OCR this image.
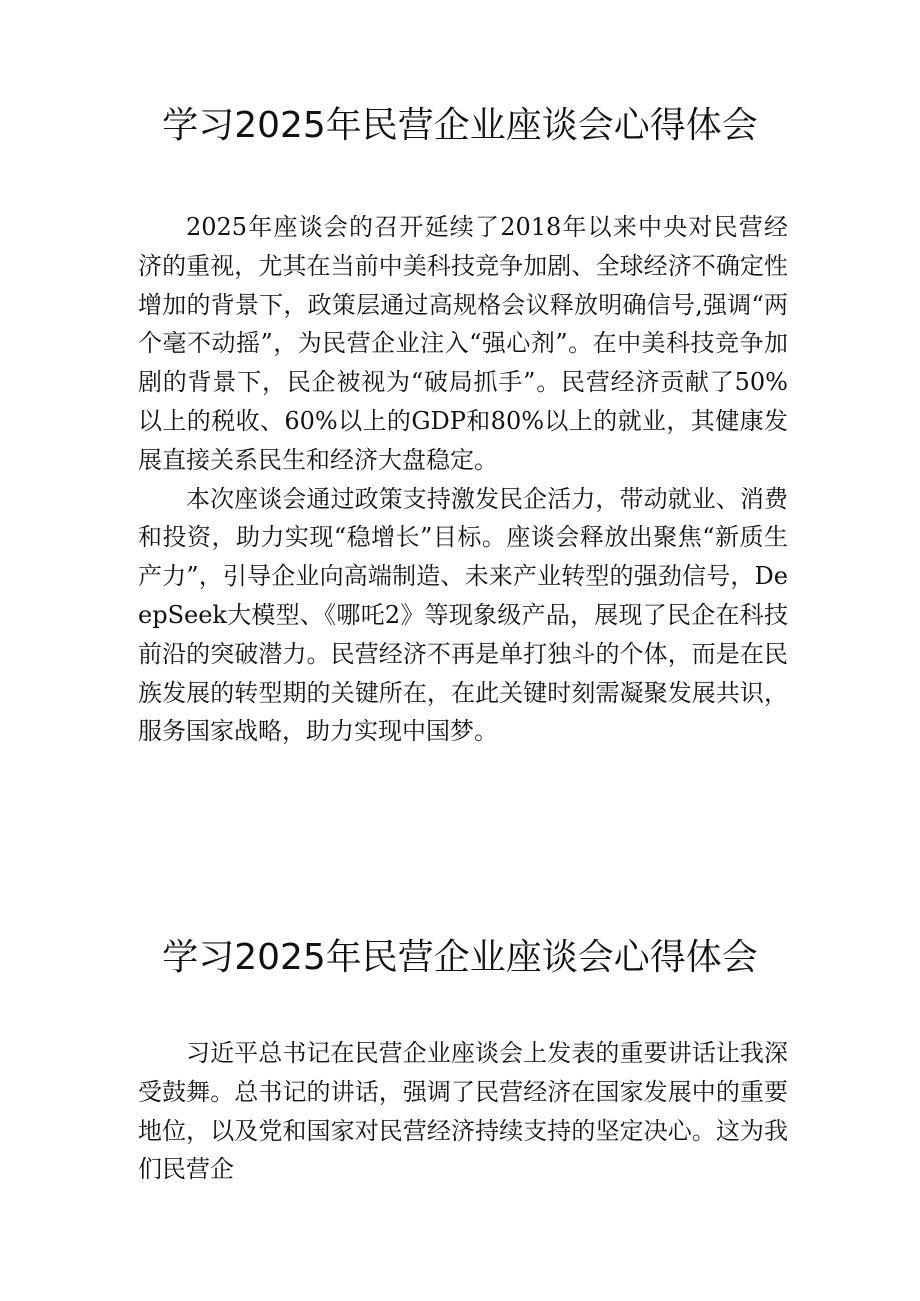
学习2025年民营企业座谈会心得体会

2025年座谈会的召开延续了2018年以来中央对民营经济的重视，尤其在当前中美科技竞争加剧、全球经济不确定性增加的背景下，政策层通过高规格会议释放明确信号,强调“两个毫不动摇”，为民营企业注入“强心剂”。在中美科技竞争加剧的背景下，民企被视为“破局抓手”。民营经济贡献了50%以上的税收、60%以上的GDP和80%以上的就业，其健康发展直接关系民生和经济大盘稳定。

本次座谈会通过政策支持激发民企活力，带动就业、消费和投资，助力实现“稳增长”目标。座谈会释放出聚焦“新质生产力”，引导企业向高端制造、未来产业转型的强劲信号，DeepSeek大模型、《哪吒2》等现象级产品，展现了民企在科技前沿的突破潜力。民营经济不再是单打独斗的个体，而是在民族发展的转型期的关键所在，在此关键时刻需凝聚发展共识，服务国家战略，助力实现中国梦。

学习2025年民营企业座谈会心得体会

习近平总书记在民营企业座谈会上发表的重要讲话让我深受鼓舞。总书记的讲话，强调了民营经济在国家发展中的重要地位，以及党和国家对民营经济持续支持的坚定决心。这为我们民营企
